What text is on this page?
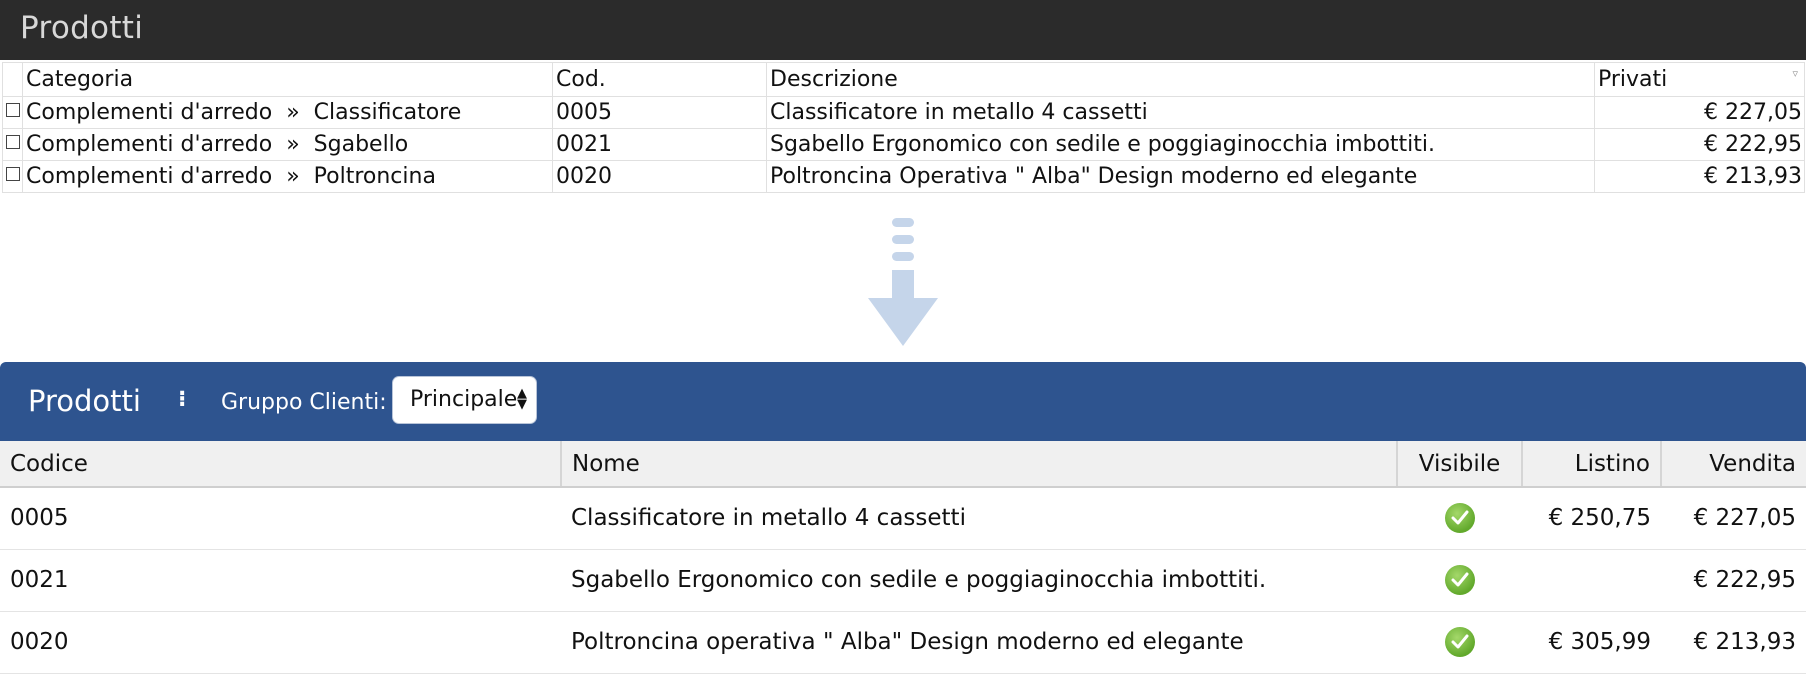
Prodotti
	Categoria	Cod.	Descrizione	Privati ▿

	Complementi d'arredo » Classificatore	0005	Classificatore in metallo 4 cassetti	€ 227,05
	Complementi d'arredo » Sgabello	0021	Sgabello Ergonomico con sedile e poggiaginocchia imbottiti.	€ 222,95
	Complementi d'arredo » Poltroncina	0020	Poltroncina Operativa " Alba" Design moderno ed elegante	€ 213,93
Prodotti ⁝ Gruppo Clienti:	Principale ▲
▼
Codice	Nome	Visibile	Listino	Vendita
0005	Classificatore in metallo 4 cassetti		€ 250,75	€ 227,05
0021	Sgabello Ergonomico con sedile e poggiaginocchia imbottiti.			€ 222,95
0020	Poltroncina operativa " Alba" Design moderno ed elegante		€ 305,99	€ 213,93
